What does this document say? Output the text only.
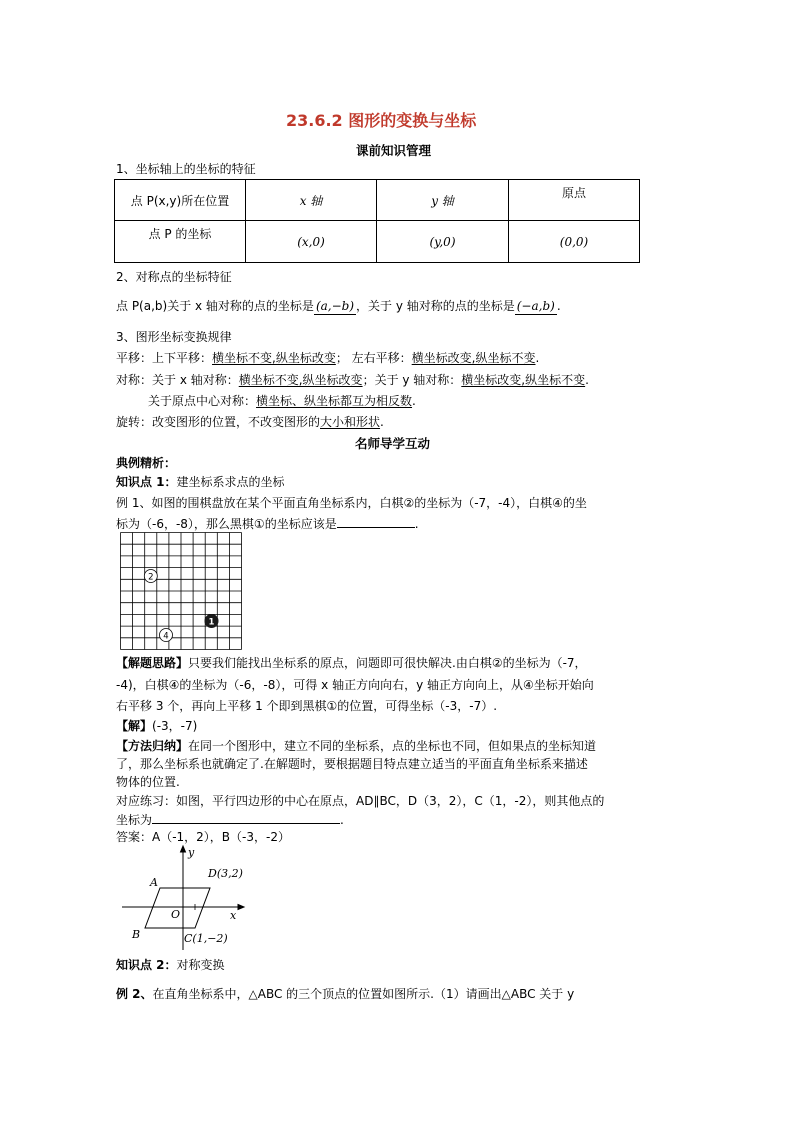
23.6.2 图形的变换与坐标
课前知识管理
1、坐标轴上的坐标的特征
点 P(x,y)所在位置	x 轴	y 轴	原点
点 P 的坐标	(x,0)	(y,0)	(0,0)
2、对称点的坐标特征
点 P(a,b)关于 x 轴对称的点的坐标是 (a,−b) ，关于 y 轴对称的点的坐标是 (−a,b) .
3、图形坐标变换规律
平移：上下平移：横坐标不变,纵坐标改变； 左右平移：横坐标改变,纵坐标不变.
对称：关于 x 轴对称：横坐标不变,纵坐标改变；关于 y 轴对称：横坐标改变,纵坐标不变.
关于原点中心对称：横坐标、纵坐标都互为相反数.
旋转：改变图形的位置，不改变图形的大小和形状.
名师导学互动
典例精析：
知识点 1：建坐标系求点的坐标
例 1、如图的围棋盘放在某个平面直角坐标系内，白棋②的坐标为（-7，-4），白棋④的坐
标为（-6，-8），那么黑棋①的坐标应该是	.
2
4
1
【解题思路】只要我们能找出坐标系的原点，问题即可很快解决.由白棋②的坐标为（-7，
-4)，白棋④的坐标为（-6，-8），可得 x 轴正方向向右，y 轴正方向向上，从④坐标开始向
右平移 3 个，再向上平移 1 个即到黑棋①的位置，可得坐标（-3，-7）.
【解】(-3，-7)
【方法归纳】在同一个图形中，建立不同的坐标系，点的坐标也不同，但如果点的坐标知道
了，那么坐标系也就确定了.在解题时，要根据题目特点建立适当的平面直角坐标系来描述
物体的位置.
对应练习：如图，平行四边形的中心在原点，AD∥BC，D（3，2），C（1，-2），则其他点的
坐标为	.
答案：A（-1，2），B（-3，-2）
y
x
O
A
B
D(3,2)
C(1,−2)
知识点 2：对称变换
例 2、在直角坐标系中，△ABC 的三个顶点的位置如图所示.（1）请画出△ABC 关于 y
